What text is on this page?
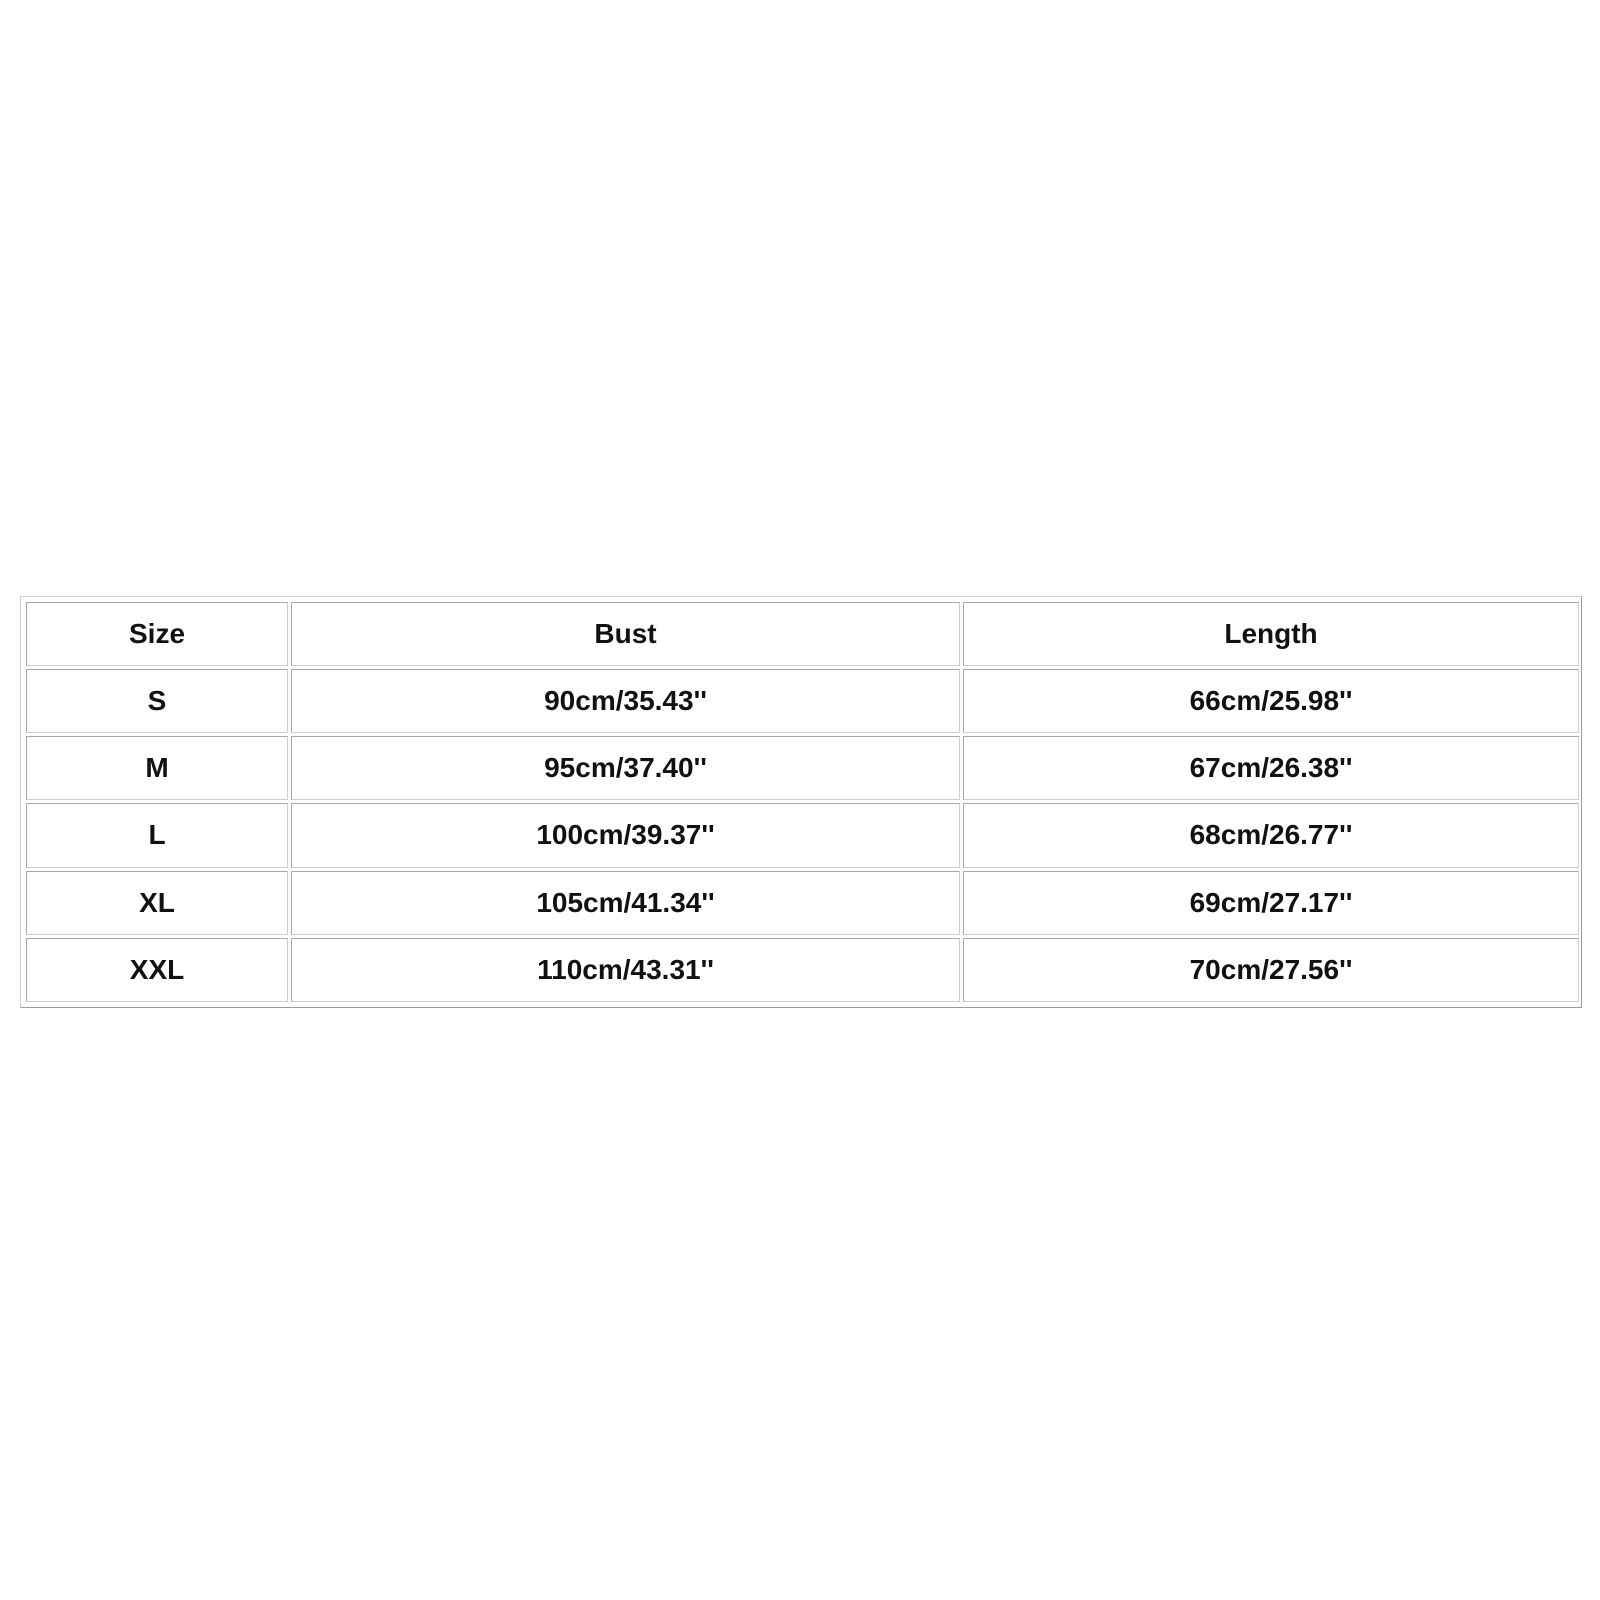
Size	Bust	Length
S	90cm/35.43''	66cm/25.98''
M	95cm/37.40''	67cm/26.38''
L	100cm/39.37''	68cm/26.77''
XL	105cm/41.34''	69cm/27.17''
XXL	110cm/43.31''	70cm/27.56''
